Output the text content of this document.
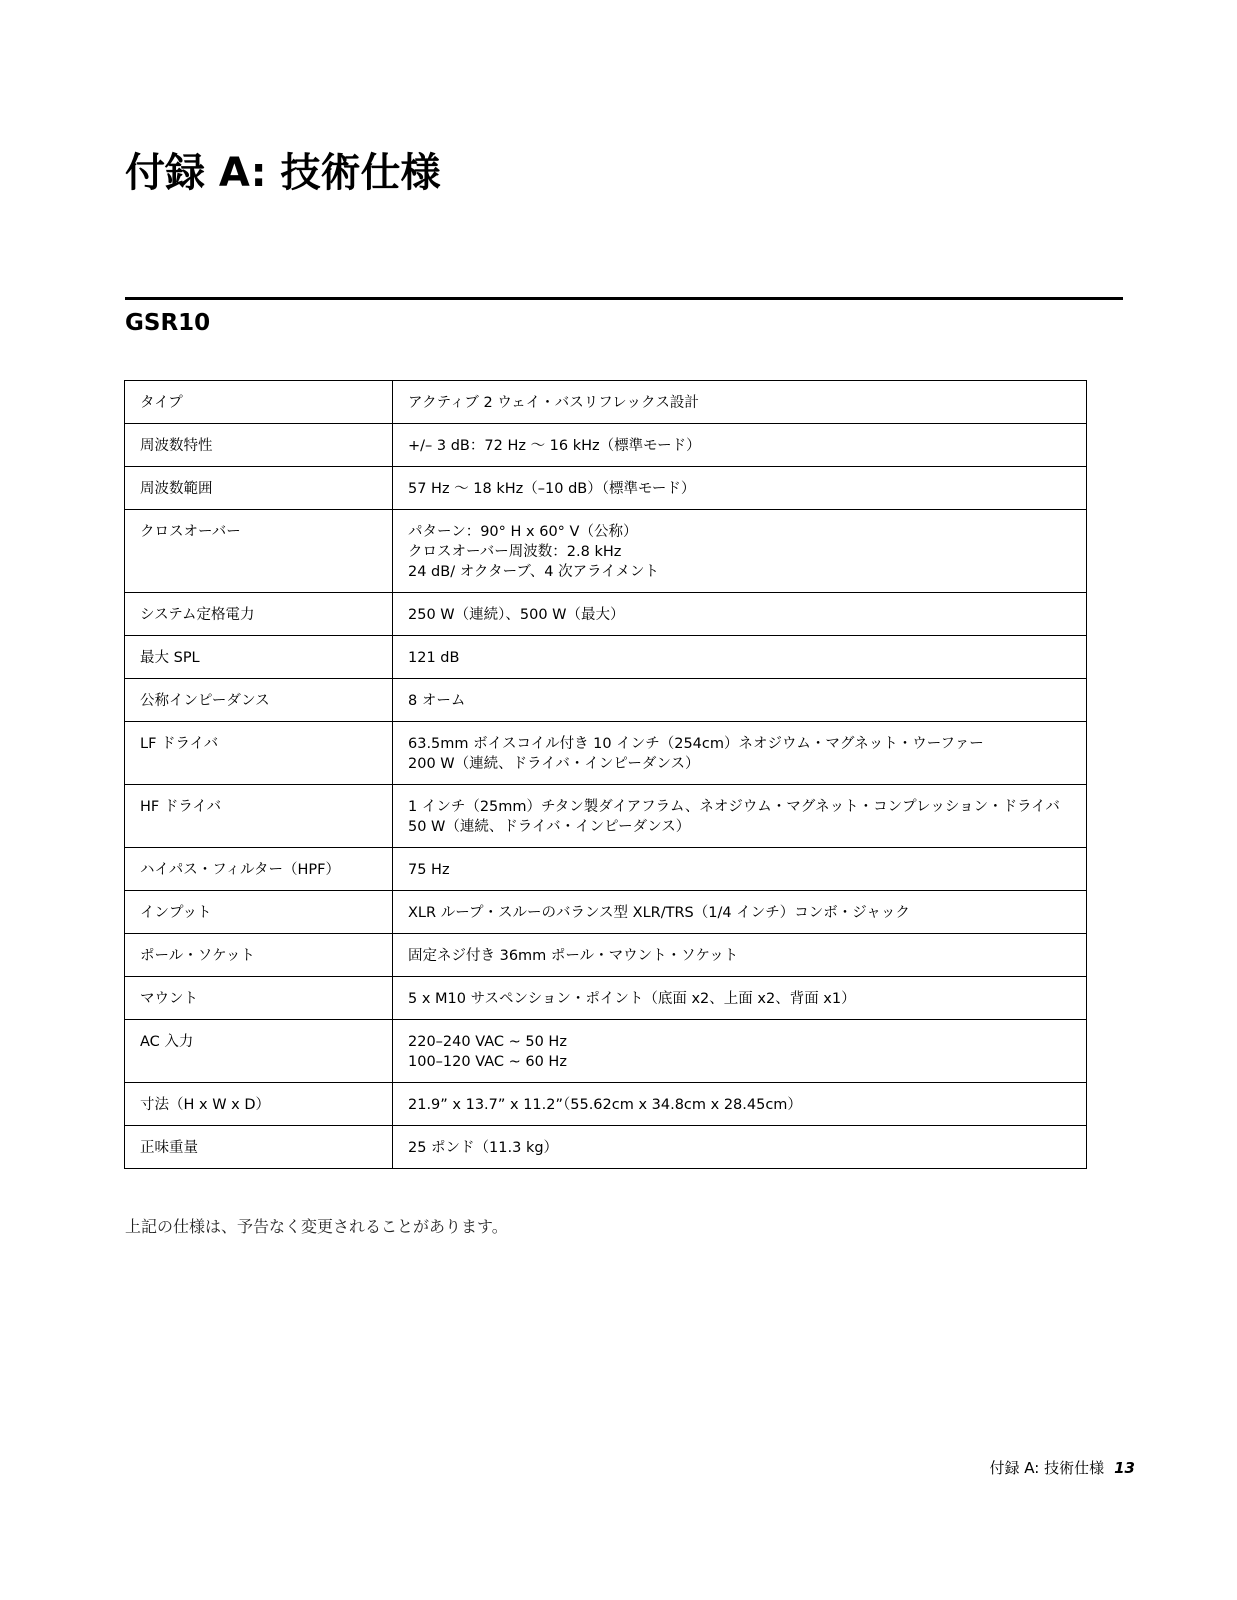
付録 A: 技術仕様
GSR10
タイプ	アクティブ 2 ウェイ・バスリフレックス設計

周波数特性	+/– 3 dB：72 Hz 〜 16 kHz（標準モード）

周波数範囲	57 Hz 〜 18 kHz（–10 dB）（標準モード）

クロスオーバー	パターン：90° H x 60° V（公称）
クロスオーバー周波数：2.8 kHz
24 dB/ オクターブ、4 次アライメント

システム定格電力	250 W（連続）、500 W（最大）

最大 SPL	121 dB

公称インピーダンス	8 オーム

LF ドライバ	63.5mm ボイスコイル付き 10 インチ（254cm）ネオジウム・マグネット・ウーファー
200 W（連続、ドライバ・インピーダンス）

HF ドライバ	1 インチ（25mm）チタン製ダイアフラム、ネオジウム・マグネット・コンプレッション・ドライバ
50 W（連続、ドライバ・インピーダンス）

ハイパス・フィルター（HPF）	75 Hz

インプット	XLR ループ・スルーのバランス型 XLR/TRS（1/4 インチ）コンボ・ジャック

ポール・ソケット	固定ネジ付き 36mm ポール・マウント・ソケット

マウント	5 x M10 サスペンション・ポイント（底面 x2、上面 x2、背面 x1）

AC 入力	220–240 VAC ~ 50 Hz
100–120 VAC ~ 60 Hz

寸法（H x W x D）	21.9” x 13.7” x 11.2”（55.62cm x 34.8cm x 28.45cm）

正味重量	25 ポンド（11.3 kg）

上記の仕様は、予告なく変更されることがあります。

付録 A: 技術仕様 13
